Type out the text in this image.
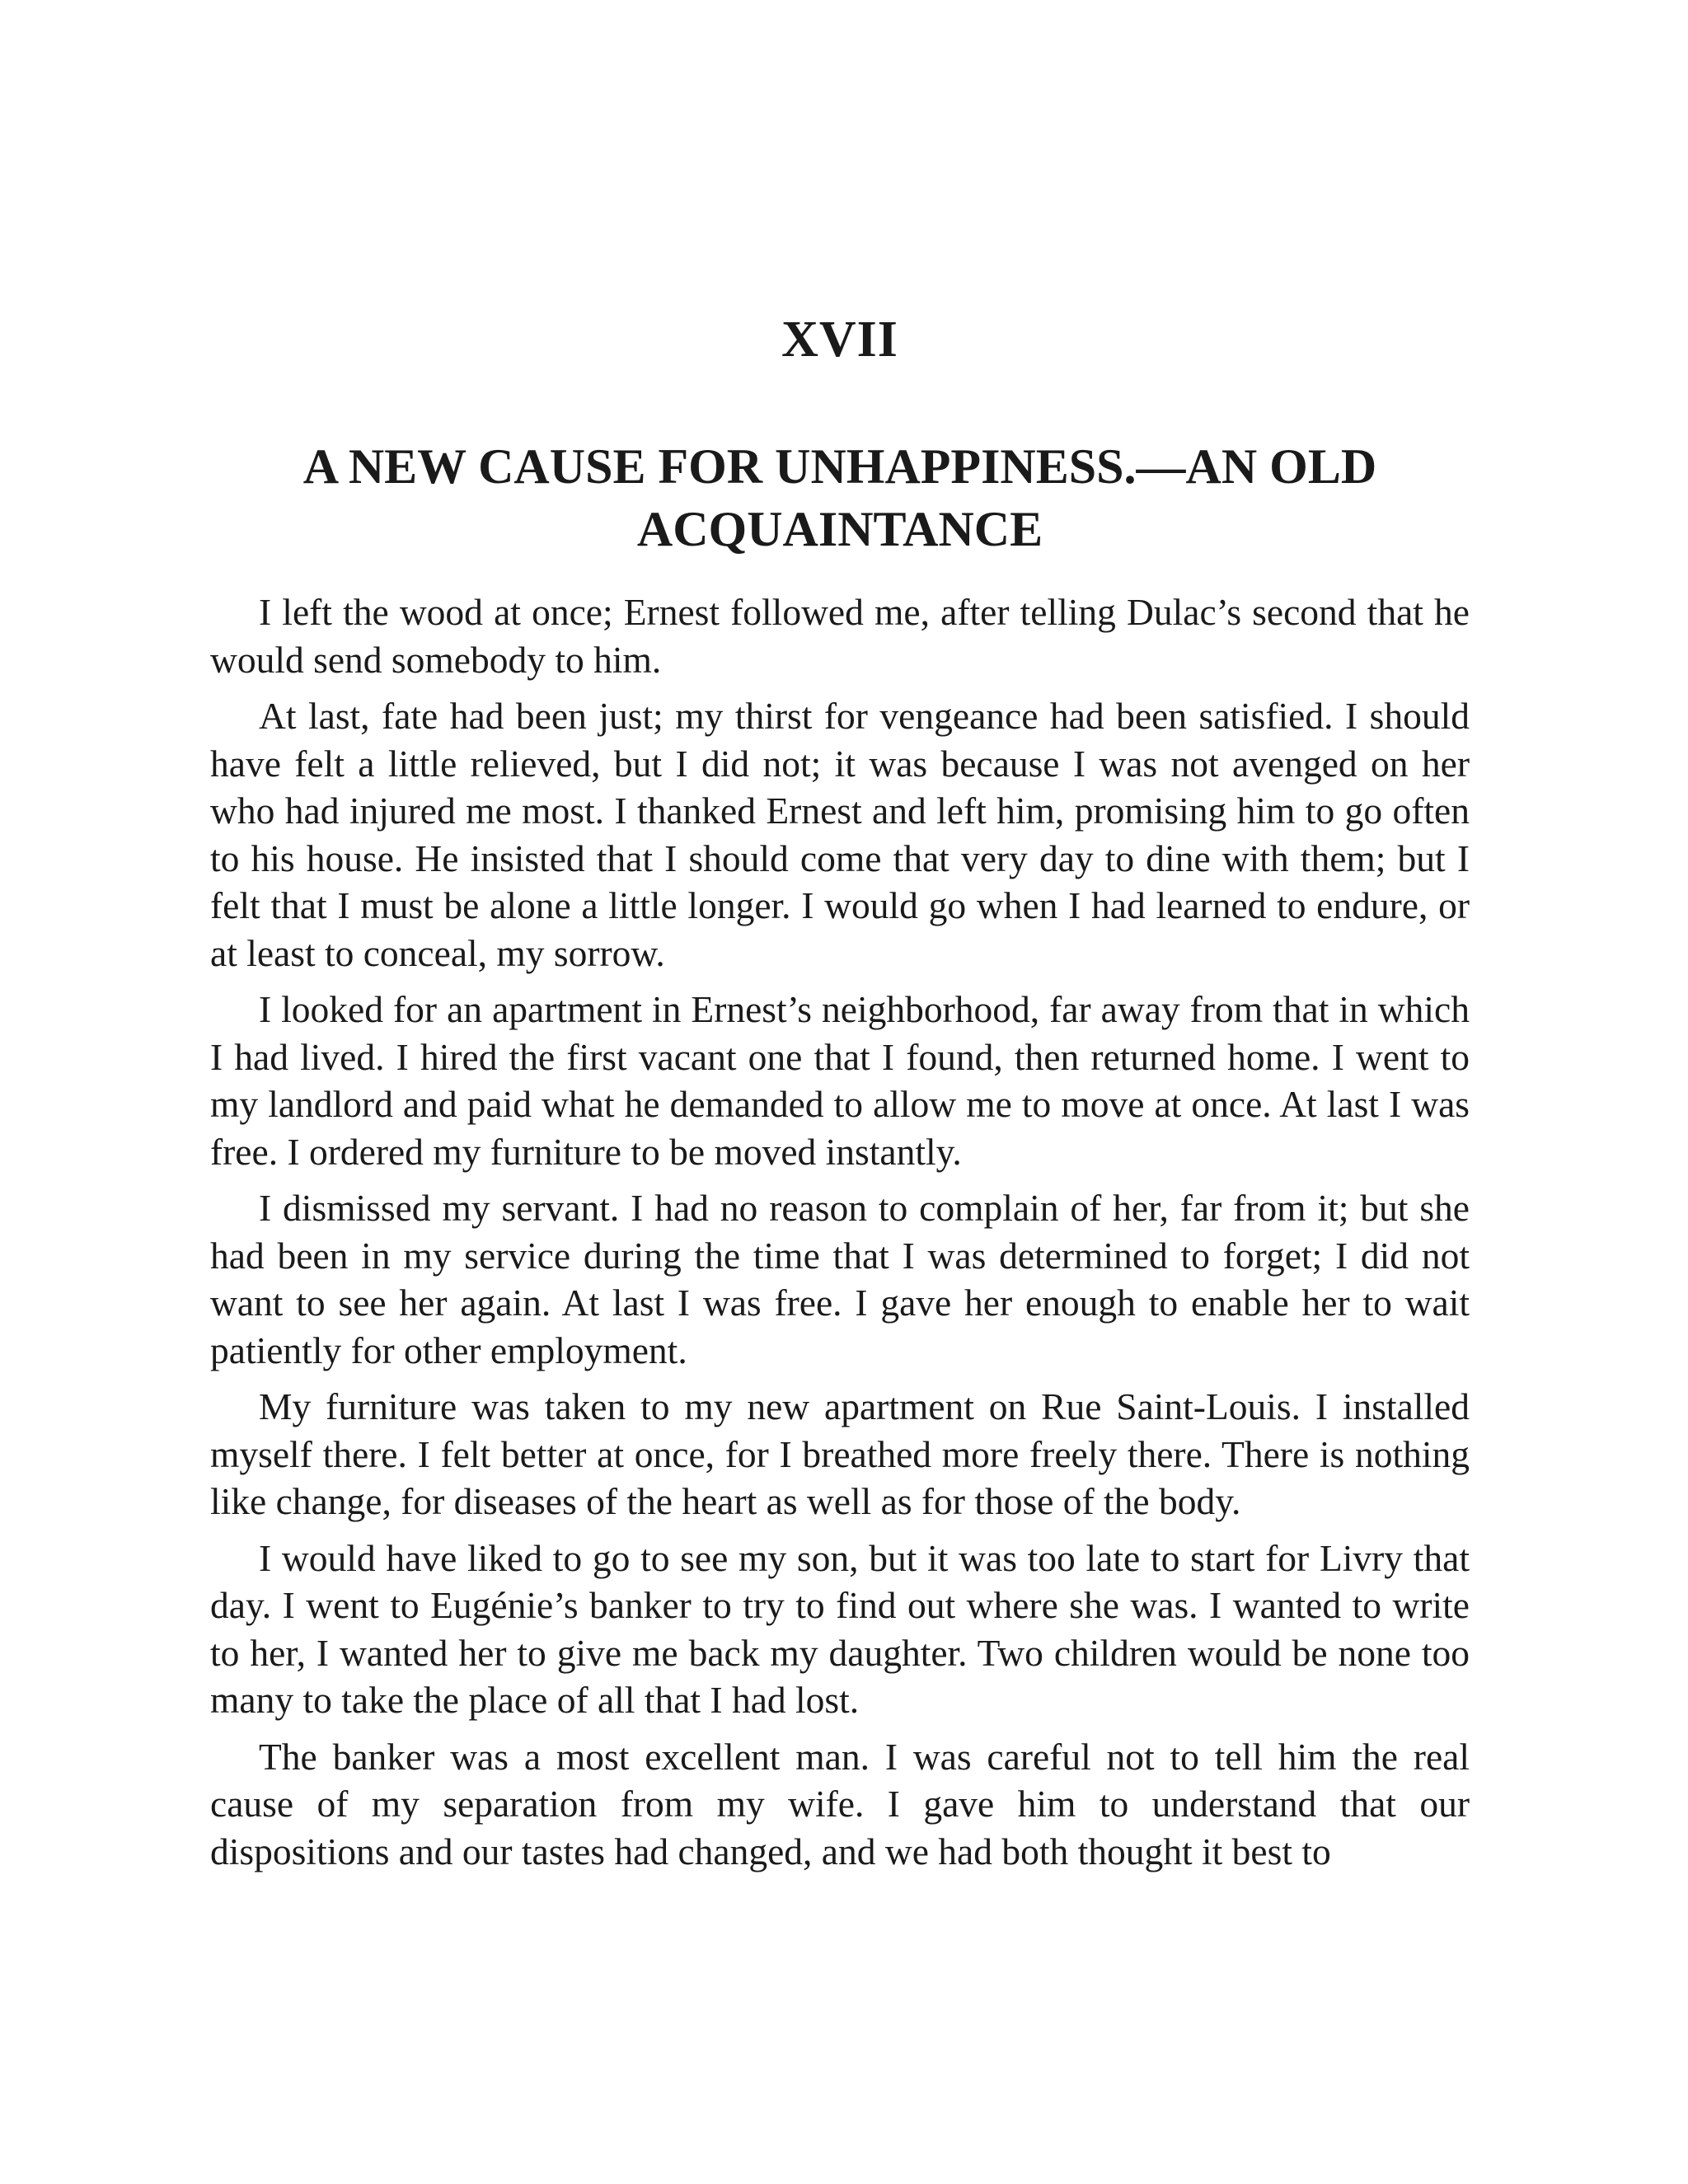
XVII
A NEW CAUSE FOR UNHAPPINESS.—AN OLD ACQUAINTANCE

I left the wood at once; Ernest followed me, after telling Dulac’s second that he would send somebody to him.

At last, fate had been just; my thirst for vengeance had been satisfied. I should have felt a little relieved, but I did not; it was because I was not avenged on her who had injured me most. I thanked Ernest and left him, promising him to go often to his house. He insisted that I should come that very day to dine with them; but I felt that I must be alone a little longer. I would go when I had learned to endure, or at least to conceal, my sorrow.

I looked for an apartment in Ernest’s neighborhood, far away from that in which I had lived. I hired the first vacant one that I found, then returned home. I went to my landlord and paid what he demanded to allow me to move at once. At last I was free. I ordered my furniture to be moved instantly.

I dismissed my servant. I had no reason to complain of her, far from it; but she had been in my service during the time that I was determined to forget; I did not want to see her again. At last I was free. I gave her enough to enable her to wait patiently for other employment.

My furniture was taken to my new apartment on Rue Saint-Louis. I installed myself there. I felt better at once, for I breathed more freely there. There is nothing like change, for diseases of the heart as well as for those of the body.

I would have liked to go to see my son, but it was too late to start for Livry that day. I went to Eugénie’s banker to try to find out where she was. I wanted to write to her, I wanted her to give me back my daughter. Two children would be none too many to take the place of all that I had lost.

The banker was a most excellent man. I was careful not to tell him the real cause of my separation from my wife. I gave him to understand that our dispositions and our tastes had changed, and we had both thought it best to
